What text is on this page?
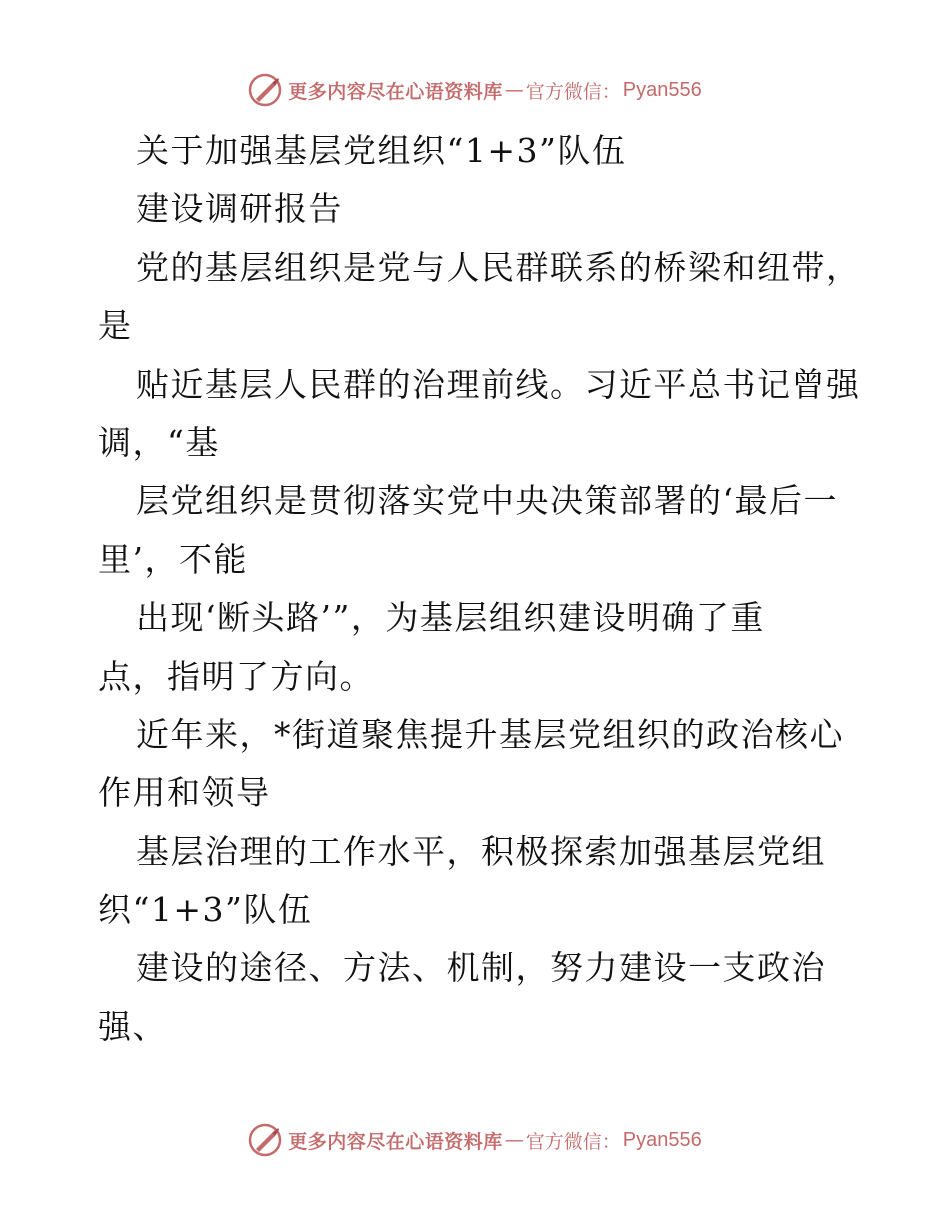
更多内容尽在心语资料库 — 官方微信： Pyan556
关于加强基层党组织“1+3”队伍
建设调研报告
党的基层组织是党与人民群联系的桥梁和纽带，
是
贴近基层人民群的治理前线。习近平总书记曾强
调，“基
层党组织是贯彻落实党中央决策部署的‘最后一
里’，不能
出现‘断头路’”，为基层组织建设明确了重
点，指明了方向。
近年来，*街道聚焦提升基层党组织的政治核心
作用和领导
基层治理的工作水平，积极探索加强基层党组
织“1+3”队伍
建设的途径、方法、机制，努力建设一支政治
强、
更多内容尽在心语资料库 — 官方微信： Pyan556
